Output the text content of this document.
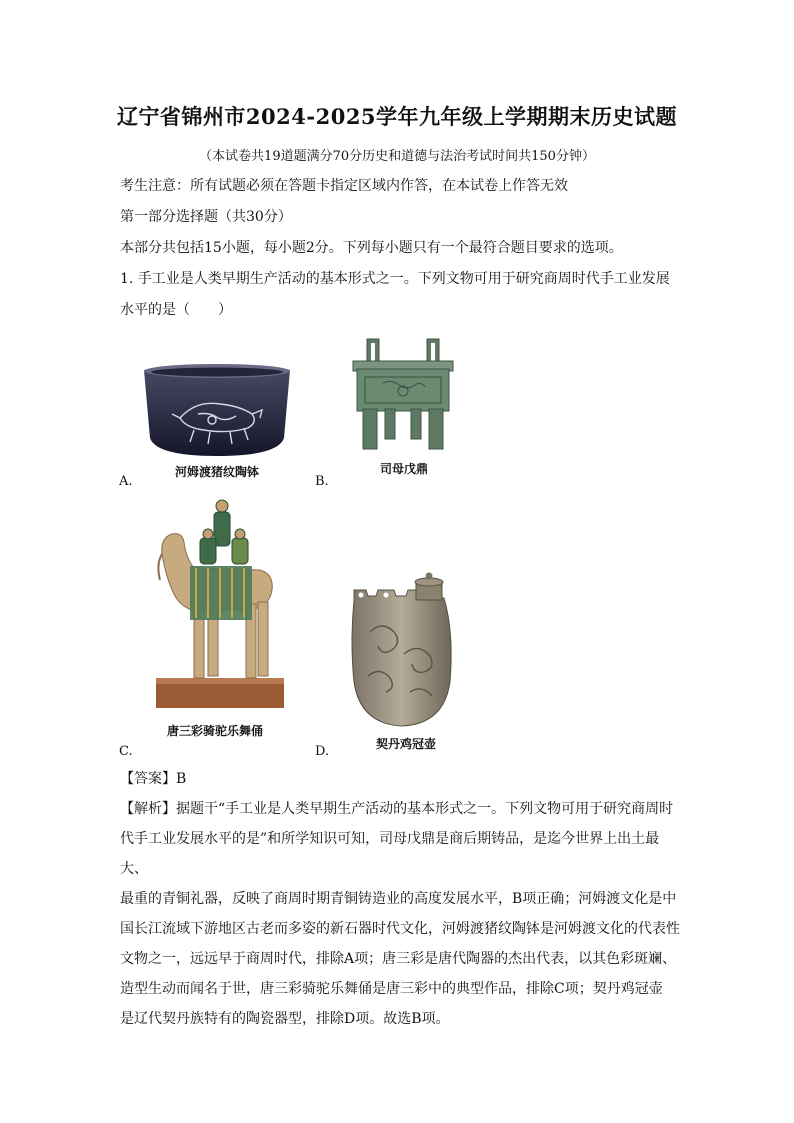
辽宁省锦州市2024-2025学年九年级上学期期末历史试题
（本试卷共19道题满分70分历史和道德与法治考试时间共150分钟）
考生注意：所有试题必须在答题卡指定区域内作答，在本试卷上作答无效
第一部分选择题（共30分）
本部分共包括15小题，每小题2分。下列每小题只有一个最符合题目要求的选项。
1. 手工业是人类早期生产活动的基本形式之一。下列文物可用于研究商周时代手工业发展
水平的是（　　）
河姆渡猪纹陶钵
A.
司母戊鼎
B.
唐三彩骑驼乐舞俑
C.	契丹鸡冠壶
D.
【答案】B
【解析】据题干“手工业是人类早期生产活动的基本形式之一。下列文物可用于研究商周时
代手工业发展水平的是”和所学知识可知，司母戊鼎是商后期铸品，是迄今世界上出土最大、
最重的青铜礼器，反映了商周时期青铜铸造业的高度发展水平，B项正确；河姆渡文化是中
国长江流域下游地区古老而多姿的新石器时代文化，河姆渡猪纹陶钵是河姆渡文化的代表性
文物之一，远远早于商周时代，排除A项；唐三彩是唐代陶器的杰出代表，以其色彩斑斓、
造型生动而闻名于世，唐三彩骑驼乐舞俑是唐三彩中的典型作品，排除C项；契丹鸡冠壶
是辽代契丹族特有的陶瓷器型，排除D项。故选B项。
